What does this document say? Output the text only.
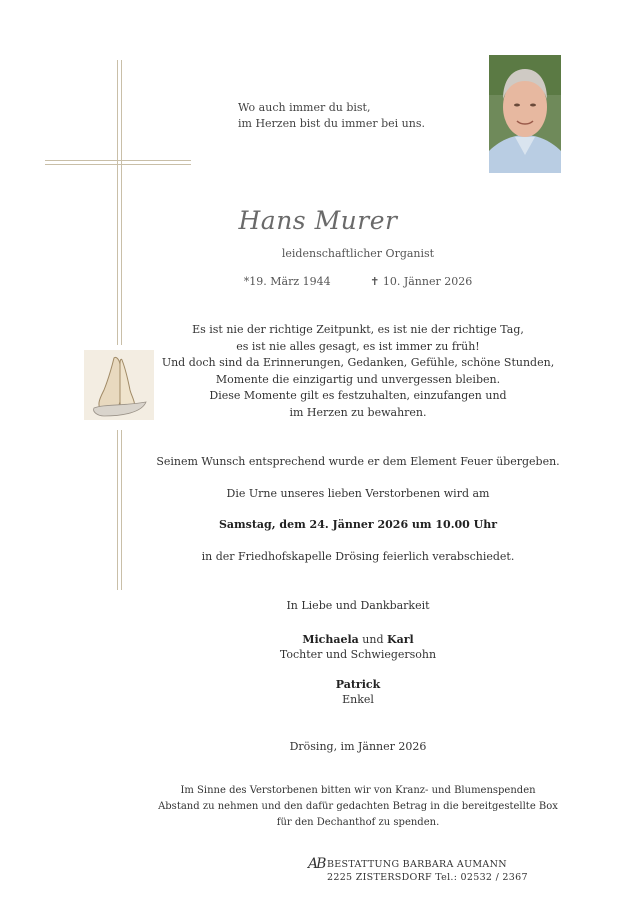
Wo auch immer du bist,
im Herzen bist du immer bei uns.
Hans Murer
leidenschaftlicher Organist
*19. März 1944	✝ 10. Jänner 2026
Es ist nie der richtige Zeitpunkt, es ist nie der richtige Tag,
es ist nie alles gesagt, es ist immer zu früh!
Und doch sind da Erinnerungen, Gedanken, Gefühle, schöne Stunden,
Momente die einzigartig und unvergessen bleiben.
Diese Momente gilt es festzuhalten, einzufangen und
im Herzen zu bewahren.
Seinem Wunsch entsprechend wurde er dem Element Feuer übergeben.
Die Urne unseres lieben Verstorbenen wird am
Samstag, dem 24. Jänner 2026 um 10.00 Uhr
in der Friedhofskapelle Drösing feierlich verabschiedet.
In Liebe und Dankbarkeit
Michaela und Karl
Tochter und Schwiegersohn
Patrick
Enkel
Drösing, im Jänner 2026
Im Sinne des Verstorbenen bitten wir von Kranz- und Blumenspenden
Abstand zu nehmen und den dafür gedachten Betrag in die bereitgestellte Box
für den Dechanthof zu spenden.
AB BESTATTUNG BARBARA AUMANN
2225 ZISTERSDORF Tel.: 02532 / 2367
